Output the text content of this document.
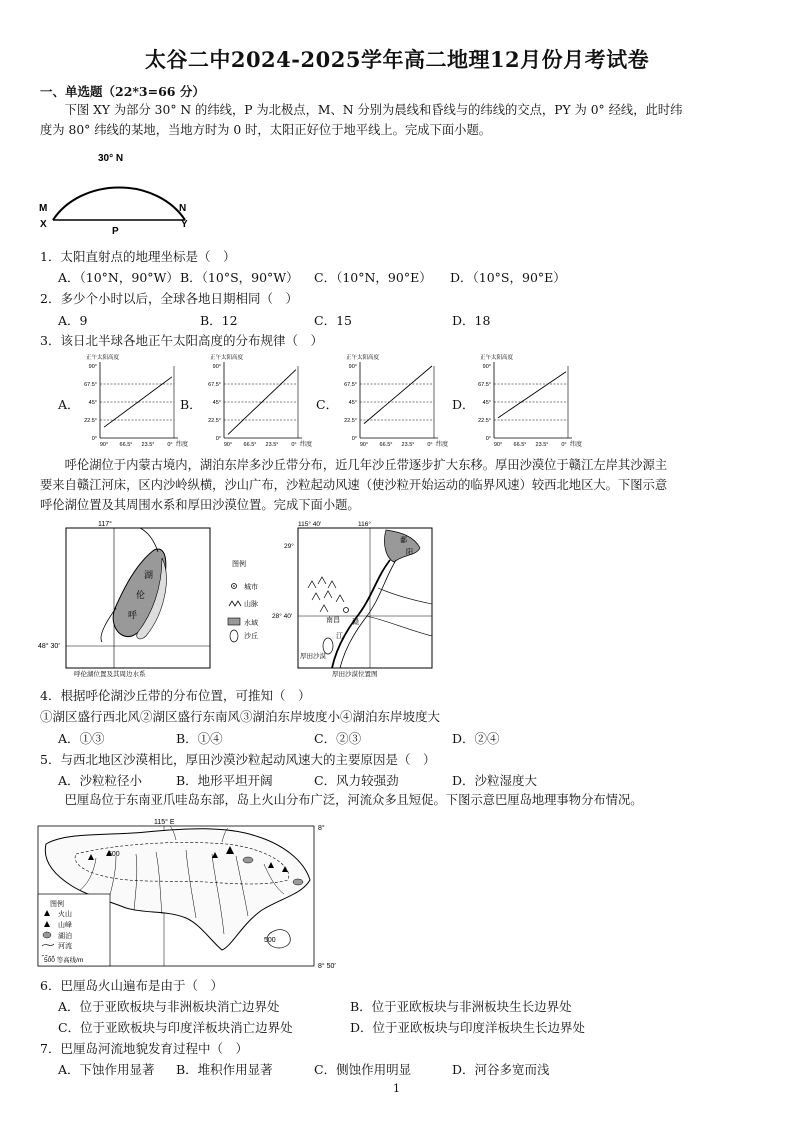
太谷二中2024-2025学年高二地理12月份月考试卷
一、单选题（22*3=66 分）
下图 XY 为部分 30° N 的纬线，P 为北极点，M、N 分别为晨线和昏线与的纬线的交点，PY 为 0° 经线，此时纬
度为 80° 纬线的某地，当地方时为 0 时，太阳正好位于地平线上。完成下面小题。
30° N
M
X
N
Y
P
1．太阳直射点的地理坐标是（　）
A．（10°N，90°W） B．（10°S，90°W）	C．（10°N，90°E）	D．（10°S，90°E）
2．多少个小时以后，全球各地日期相同（　）
A．9	B．12	C．15	D．18
3．该日北半球各地正午太阳高度的分布规律（　）
A．	B．	C．	D．
正午太阳高度
90°
67.5°
45°
22.5°
0°
90° 66.5° 23.5° 0° 纬度
正午太阳高度
90°
67.5°
45°
22.5°
0°
90° 66.5° 23.5° 0° 纬度
正午太阳高度
90°
67.5°
45°
22.5°
0°
90° 66.5° 23.5° 0° 纬度
正午太阳高度
90°
67.5°
45°
22.5°
0°
90° 66.5° 23.5° 0° 纬度
呼伦湖位于内蒙古境内，湖泊东岸多沙丘带分布，近几年沙丘带逐步扩大东移。厚田沙漠位于赣江左岸其沙源主
要来自赣江河床，区内沙岭纵横，沙山广布，沙粒起动风速（使沙粒开始运动的临界风速）较西北地区大。下图示意
呼伦湖位置及其周围水系和厚田沙漠位置。完成下面小题。
117°
48° 30′
湖
伦
呼
呼伦湖位置及其周边水系
图例
城市
山脉
水域
沙丘
115° 40′	116°
29°
28° 40′
鄱
阳
南昌 赣
江
厚田沙漠
厚田沙漠位置图
4．根据呼伦湖沙丘带的分布位置，可推知（　）
①湖区盛行西北风②湖区盛行东南风③湖泊东岸坡度小④湖泊东岸坡度大
A．①③	B．①④	C．②③	D．②④
5．与西北地区沙漠相比，厚田沙漠沙粒起动风速大的主要原因是（　）
A．沙粒粒径小	B．地形平坦开阔	C．风力较强劲	D．沙粒湿度大
巴厘岛位于东南亚爪哇岛东部，岛上火山分布广泛，河流众多且短促。下图示意巴厘岛地理事物分布情况。
115° E
8°
8° 50′
500
500
图例
火山
山峰
湖泊
河流
500 等高线/m
6．巴厘岛火山遍布是由于（　）
A．位于亚欧板块与非洲板块消亡边界处	B．位于亚欧板块与非洲板块生长边界处
C．位于亚欧板块与印度洋板块消亡边界处	D．位于亚欧板块与印度洋板块生长边界处
7．巴厘岛河流地貌发育过程中（　）
A．下蚀作用显著	B．堆积作用显著	C．侧蚀作用明显	D．河谷多宽而浅
1
